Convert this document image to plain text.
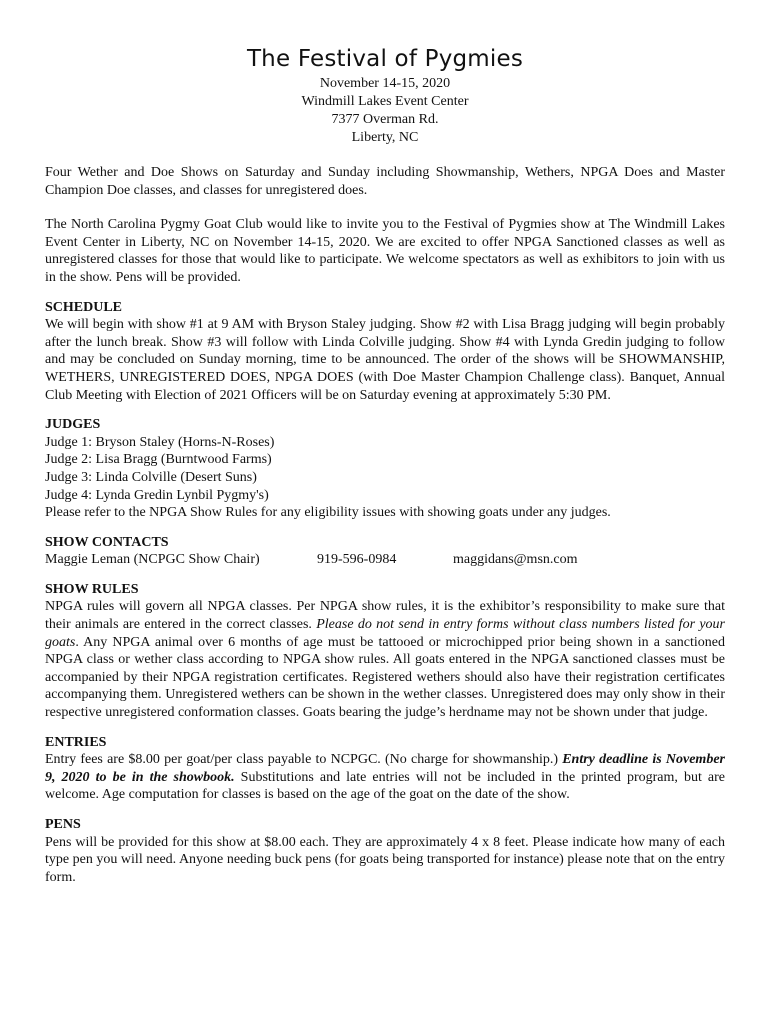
The Festival of Pygmies
November 14-15, 2020
Windmill Lakes Event Center
7377 Overman Rd.
Liberty, NC

Four Wether and Doe Shows on Saturday and Sunday including Showmanship, Wethers, NPGA Does and Master Champion Doe classes, and classes for unregistered does.

The North Carolina Pygmy Goat Club would like to invite you to the Festival of Pygmies show at The Windmill Lakes Event Center in Liberty, NC on November 14-15, 2020. We are excited to offer NPGA Sanctioned classes as well as unregistered classes for those that would like to participate. We welcome spectators as well as exhibitors to join with us in the show. Pens will be provided.

SCHEDULE

We will begin with show #1 at 9 AM with Bryson Staley judging. Show #2 with Lisa Bragg judging will begin probably after the lunch break. Show #3 will follow with Linda Colville judging. Show #4 with Lynda Gredin judging to follow and may be concluded on Sunday morning, time to be announced. The order of the shows will be SHOWMANSHIP, WETHERS, UNREGISTERED DOES, NPGA DOES (with Doe Master Champion Challenge class). Banquet, Annual Club Meeting with Election of 2021 Officers will be on Saturday evening at approximately 5:30 PM.

JUDGES
Judge 1: Bryson Staley (Horns-N-Roses)
Judge 2: Lisa Bragg (Burntwood Farms)
Judge 3: Linda Colville (Desert Suns)
Judge 4: Lynda Gredin Lynbil Pygmy's)
Please refer to the NPGA Show Rules for any eligibility issues with showing goats under any judges.
SHOW CONTACTS
Maggie Leman (NCPGC Show Chair)	919-596-0984	maggidans@msn.com
SHOW RULES

NPGA rules will govern all NPGA classes. Per NPGA show rules, it is the exhibitor’s responsibility to make sure that their animals are entered in the correct classes. Please do not send in entry forms without class numbers listed for your goats. Any NPGA animal over 6 months of age must be tattooed or microchipped prior being shown in a sanctioned NPGA class or wether class according to NPGA show rules. All goats entered in the NPGA sanctioned classes must be accompanied by their NPGA registration certificates. Registered wethers should also have their registration certificates accompanying them. Unregistered wethers can be shown in the wether classes. Unregistered does may only show in their respective unregistered conformation classes. Goats bearing the judge’s herdname may not be shown under that judge.

ENTRIES

Entry fees are $8.00 per goat/per class payable to NCPGC. (No charge for showmanship.) Entry deadline is November 9, 2020 to be in the showbook. Substitutions and late entries will not be included in the printed program, but are welcome. Age computation for classes is based on the age of the goat on the date of the show.

PENS

Pens will be provided for this show at $8.00 each. They are approximately 4 x 8 feet. Please indicate how many of each type pen you will need. Anyone needing buck pens (for goats being transported for instance) please note that on the entry form.
